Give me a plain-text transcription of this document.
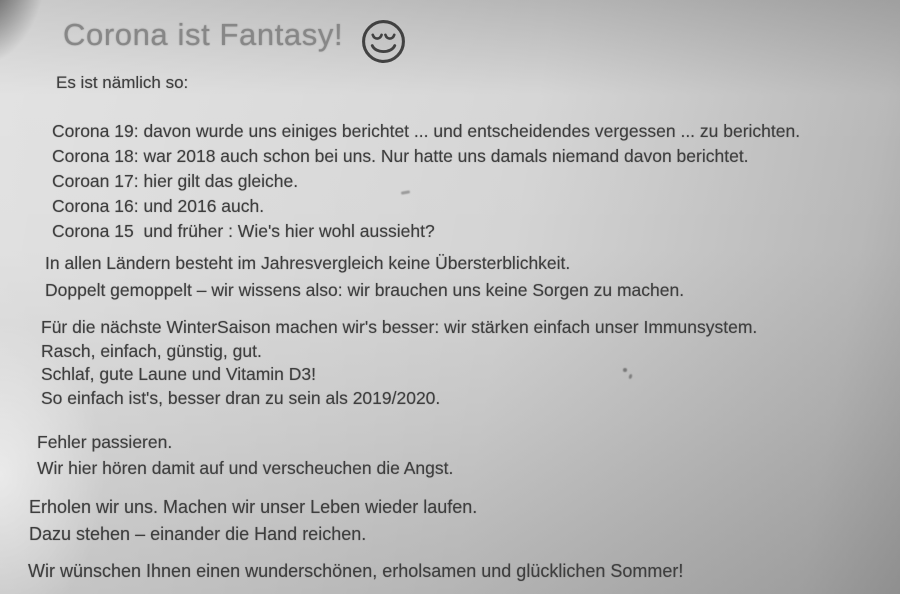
Corona ist Fantasy!
Es ist nämlich so:
Corona 19: davon wurde uns einiges berichtet ... und entscheidendes vergessen ... zu berichten.
Corona 18: war 2018 auch schon bei uns. Nur hatte uns damals niemand davon berichtet.
Coroan 17: hier gilt das gleiche.
Corona 16: und 2016 auch.
Corona 15  und früher : Wie's hier wohl aussieht?
In allen Ländern besteht im Jahresvergleich keine Übersterblichkeit.
Doppelt gemoppelt – wir wissens also: wir brauchen uns keine Sorgen zu machen.
Für die nächste WinterSaison machen wir's besser: wir stärken einfach unser Immunsystem.
Rasch, einfach, günstig, gut.
Schlaf, gute Laune und Vitamin D3!
So einfach ist's, besser dran zu sein als 2019/2020.
Fehler passieren.
Wir hier hören damit auf und verscheuchen die Angst.
Erholen wir uns. Machen wir unser Leben wieder laufen.
Dazu stehen – einander die Hand reichen.
Wir wünschen Ihnen einen wunderschönen, erholsamen und glücklichen Sommer!
